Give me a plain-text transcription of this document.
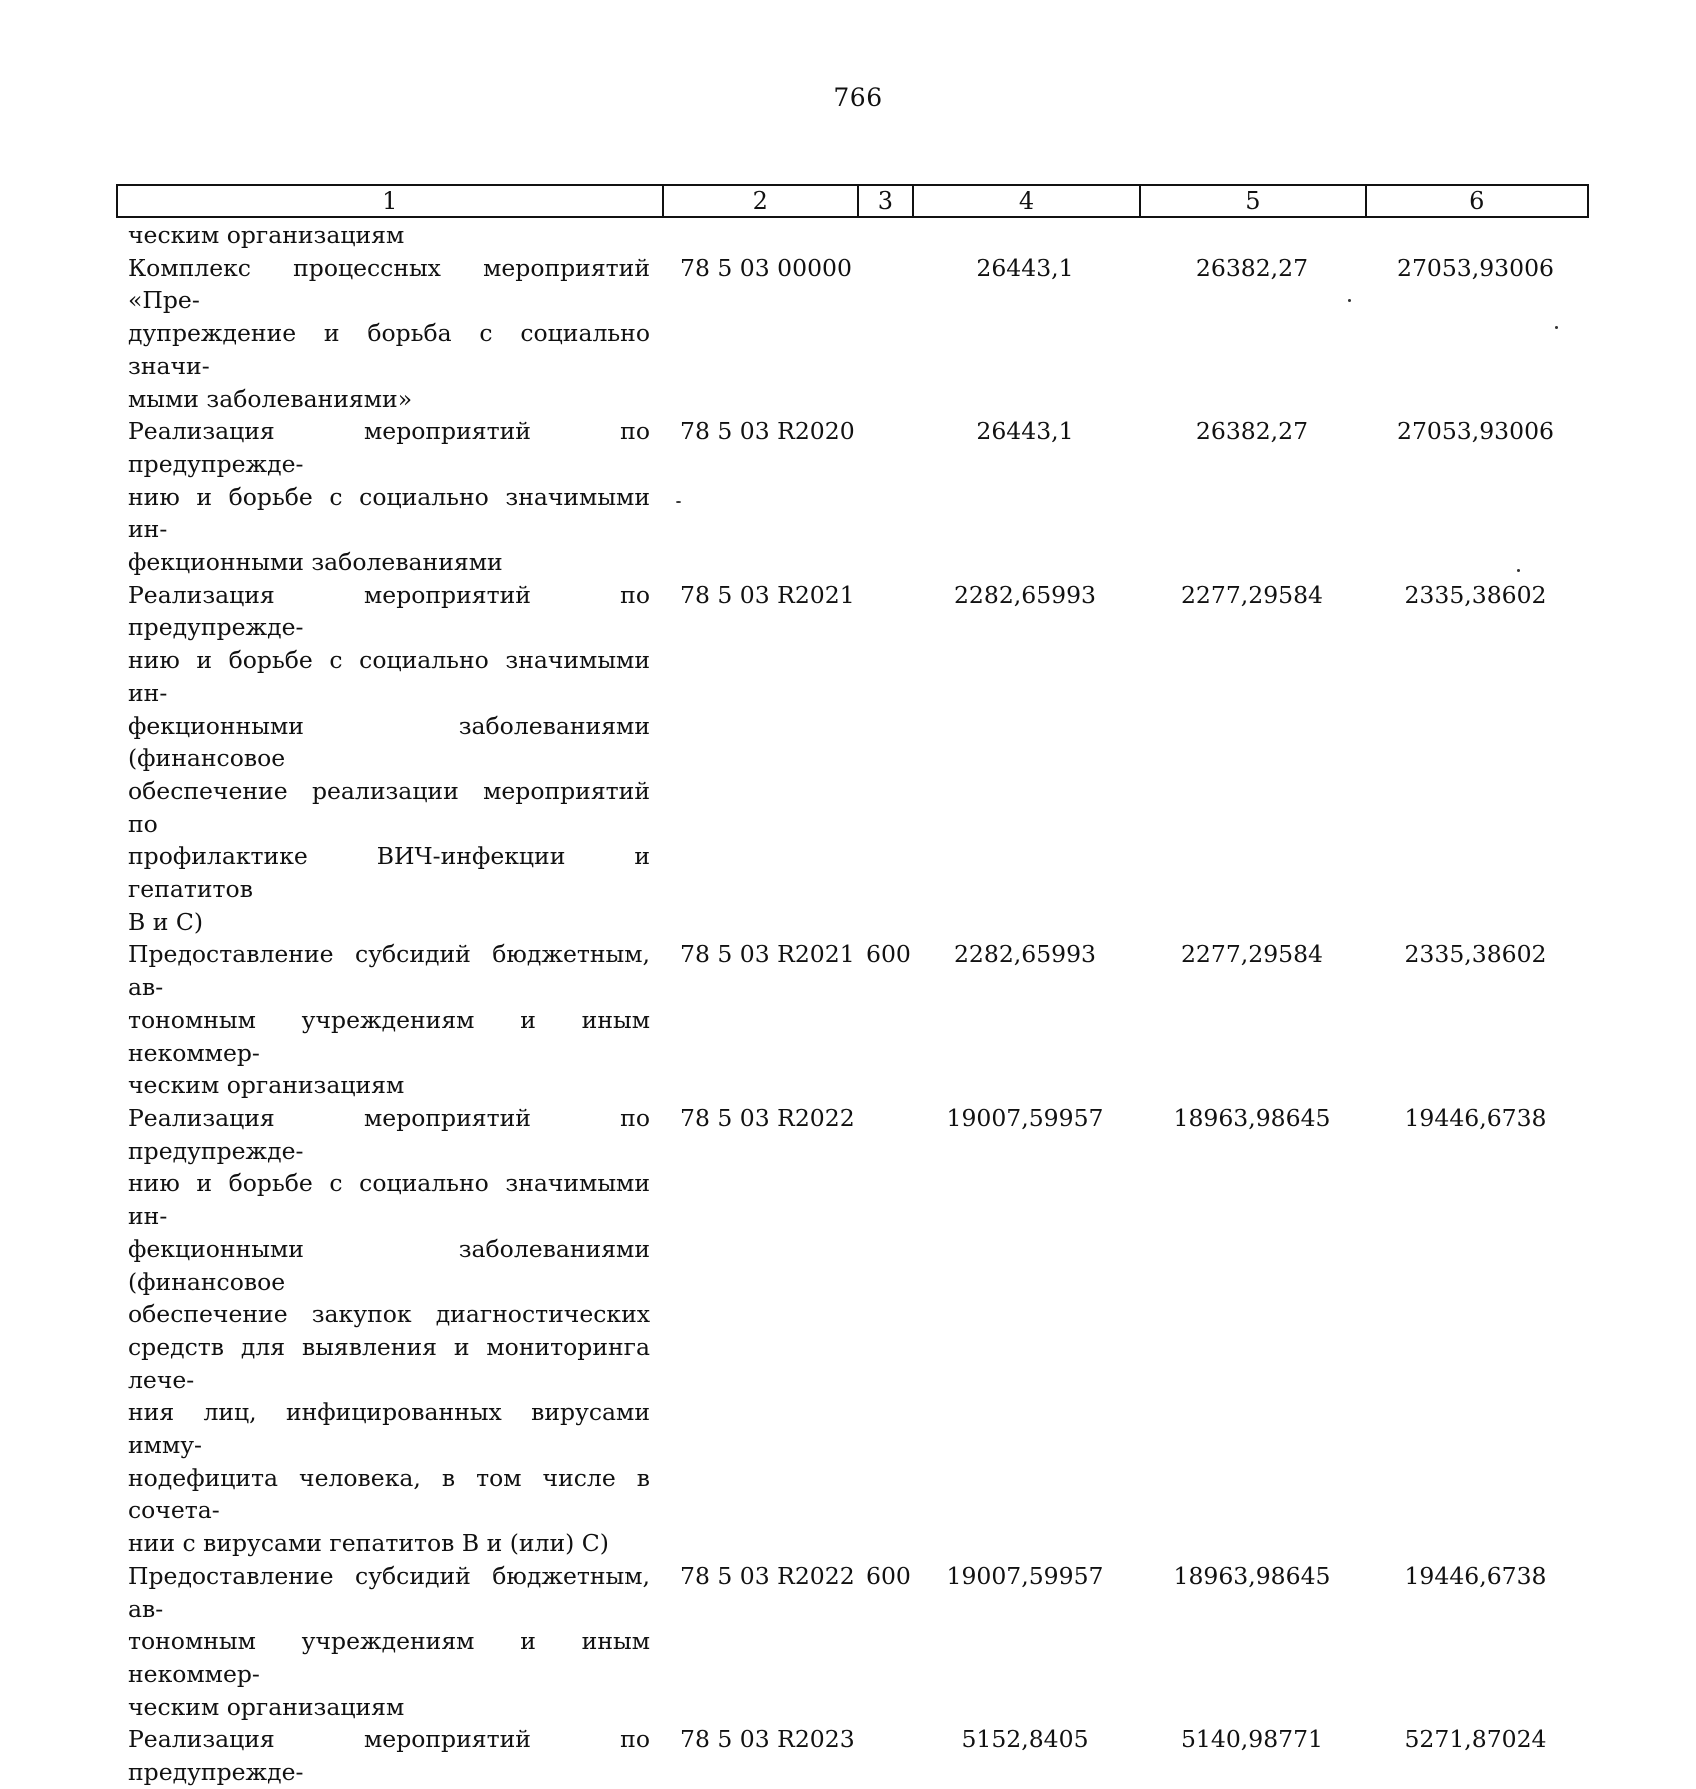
766
1	2	3	4	5	6
ческим организациям
Комплекс процессных мероприятий «Пре-
дупреждение и борьба с социально значи-
мыми заболеваниями»
78 5 03 00000	26443,1	26382,27	27053,93006
Реализация мероприятий по предупрежде-
нию и борьбе с социально значимыми ин-
фекционными заболеваниями
78 5 03 R2020	26443,1	26382,27	27053,93006
Реализация мероприятий по предупрежде-
нию и борьбе с социально значимыми ин-
фекционными заболеваниями (финансовое
обеспечение реализации мероприятий по
профилактике ВИЧ-инфекции и гепатитов
В и С)
78 5 03 R2021	2282,65993	2277,29584	2335,38602
Предоставление субсидий бюджетным, ав-
тономным учреждениям и иным некоммер-
ческим организациям
78 5 03 R2021 600	2282,65993	2277,29584	2335,38602
Реализация мероприятий по предупрежде-
нию и борьбе с социально значимыми ин-
фекционными заболеваниями (финансовое
обеспечение закупок диагностических
средств для выявления и мониторинга лече-
ния лиц, инфицированных вирусами имму-
нодефицита человека, в том числе в сочета-
нии с вирусами гепатитов В и (или) С)
78 5 03 R2022	19007,59957	18963,98645	19446,6738
Предоставление субсидий бюджетным, ав-
тономным учреждениям и иным некоммер-
ческим организациям
78 5 03 R2022 600	19007,59957	18963,98645	19446,6738
Реализация мероприятий по предупрежде-
78 5 03 R2023	5152,8405	5140,98771	5271,87024
